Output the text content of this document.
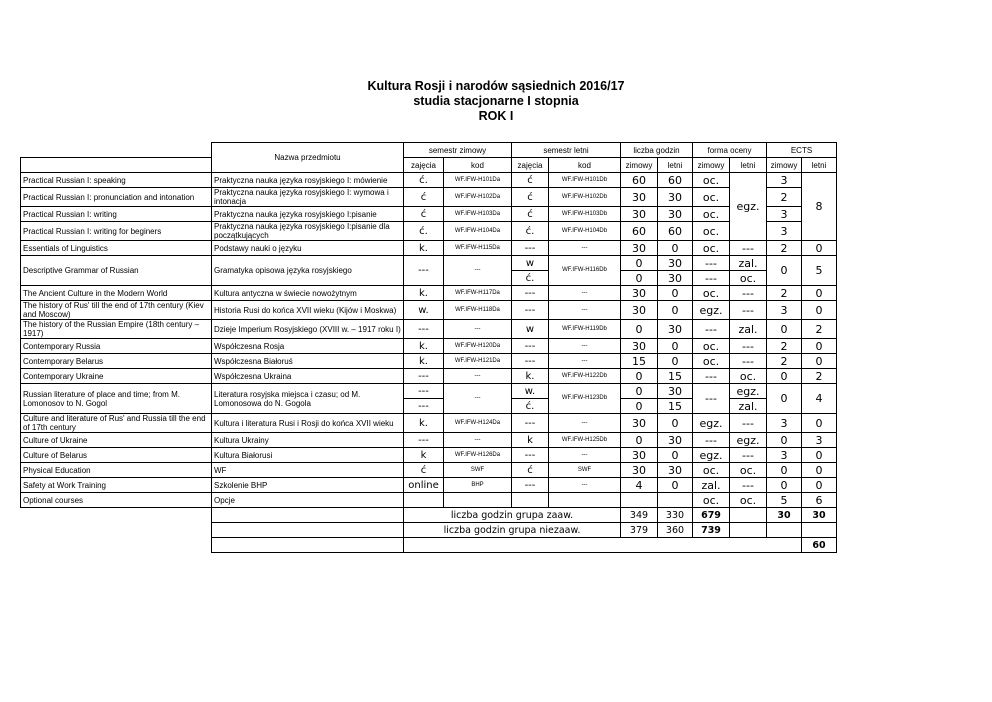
Kultura Rosji i narodów sąsiednich 2016/17
studia stacjonarne I stopnia
ROK I
	Nazwa przedmiotu	semestr zimowy		semestr letni		liczba godzin		forma oceny		ECTS	
		zajęcia	kod	zajęcia	kod	zimowy	letni	zimowy	letni	zimowy	letni
Practical Russian I: speaking	Praktyczna nauka języka rosyjskiego I: mówienie	ć.	WF.IFW-H101Da	ć	WF.IFW-H101Db	60	60	oc.	egz.	3	8
Practical Russian I: pronunciation and intonation	Praktyczna nauka języka rosyjskiego I: wymowa i intonacja	ć	WF.IFW-H102Da	ć	WF.IFW-H102Db	30	30	oc.		2	
Practical Russian I: writing	Praktyczna nauka języka rosyjskiego I:pisanie	ć	WF.IFW-H103Da	ć	WF.IFW-H103Db	30	30	oc.		3	
Practical Russian I: writing for beginers	Praktyczna nauka języka rosyjskiego I:pisanie dla początkujących	ć.	WF.IFW-H104Da	ć.	WF.IFW-H104Db	60	60	oc.		3	
Essentials of Linguistics	Podstawy nauki o języku	k.	WF.IFW-H115Da	---	---	30	0	oc.	---	2	0
Descriptive Grammar of Russian	Gramatyka opisowa języka rosyjskiego	---	---	w	WF.IFW-H116Db	0	30	---	zal.	0	5
				ć.		0	30	---	oc.		
The Ancient Culture in the Modern World	Kultura antyczna w świecie nowożytnym	k.	WF.IFW-H117Da	---	---	30	0	oc.	---	2	0
The history of Rus' till the end of 17th century (Kiev and Moscow)	Historia Rusi do końca XVII wieku (Kijów i Moskwa)	w.	WF.IFW-H118Da	---	---	30	0	egz.	---	3	0
The history of the Russian Empire (18th century – 1917)	Dzieje Imperium Rosyjskiego (XVIII w. – 1917 roku I)	---	---	w	WF.IFW-H119Db	0	30	---	zal.	0	2
Contemporary Russia	Współczesna Rosja	k.	WF.IFW-H120Da	---	---	30	0	oc.	---	2	0
Contemporary Belarus	Współczesna Białoruś	k.	WF.IFW-H121Da	---	---	15	0	oc.	---	2	0
Contemporary Ukraine	Współczesna Ukraina	---	---	k.	WF.IFW-H122Db	0	15	---	oc.	0	2
Russian literature of place and time; from M. Lomonosov to N. Gogol	Literatura rosyjska miejsca i czasu; od M. Lomonosowa do N. Gogola	---	---	w.	WF.IFW-H123Db	0	30	---	egz.	0	4
		---		ć.		0	15		zal.		
Culture and literature of Rus' and Russia till the end of 17th century	Kultura i literatura Rusi i Rosji do końca XVII wieku	k.	WF.IFW-H124Da	---	---	30	0	egz.	---	3	0
Culture of Ukraine	Kultura Ukrainy	---	---	k	WF.IFW-H125Db	0	30	---	egz.	0	3
Culture of Belarus	Kultura Białorusi	k	WF.IFW-H126Da	---	---	30	0	egz.	---	3	0
Physical Education	WF	ć	SWF	ć	SWF	30	30	oc.	oc.	0	0
Safety at Work Training	Szkolenie BHP	online	BHP	---	---	4	0	zal.	---	0	0
Optional courses	Opcje							oc.	oc.	5	6
		liczba godzin grupa zaaw.				349	330	679		30	30
		liczba godzin grupa niezaaw.				379	360	739			
											60
